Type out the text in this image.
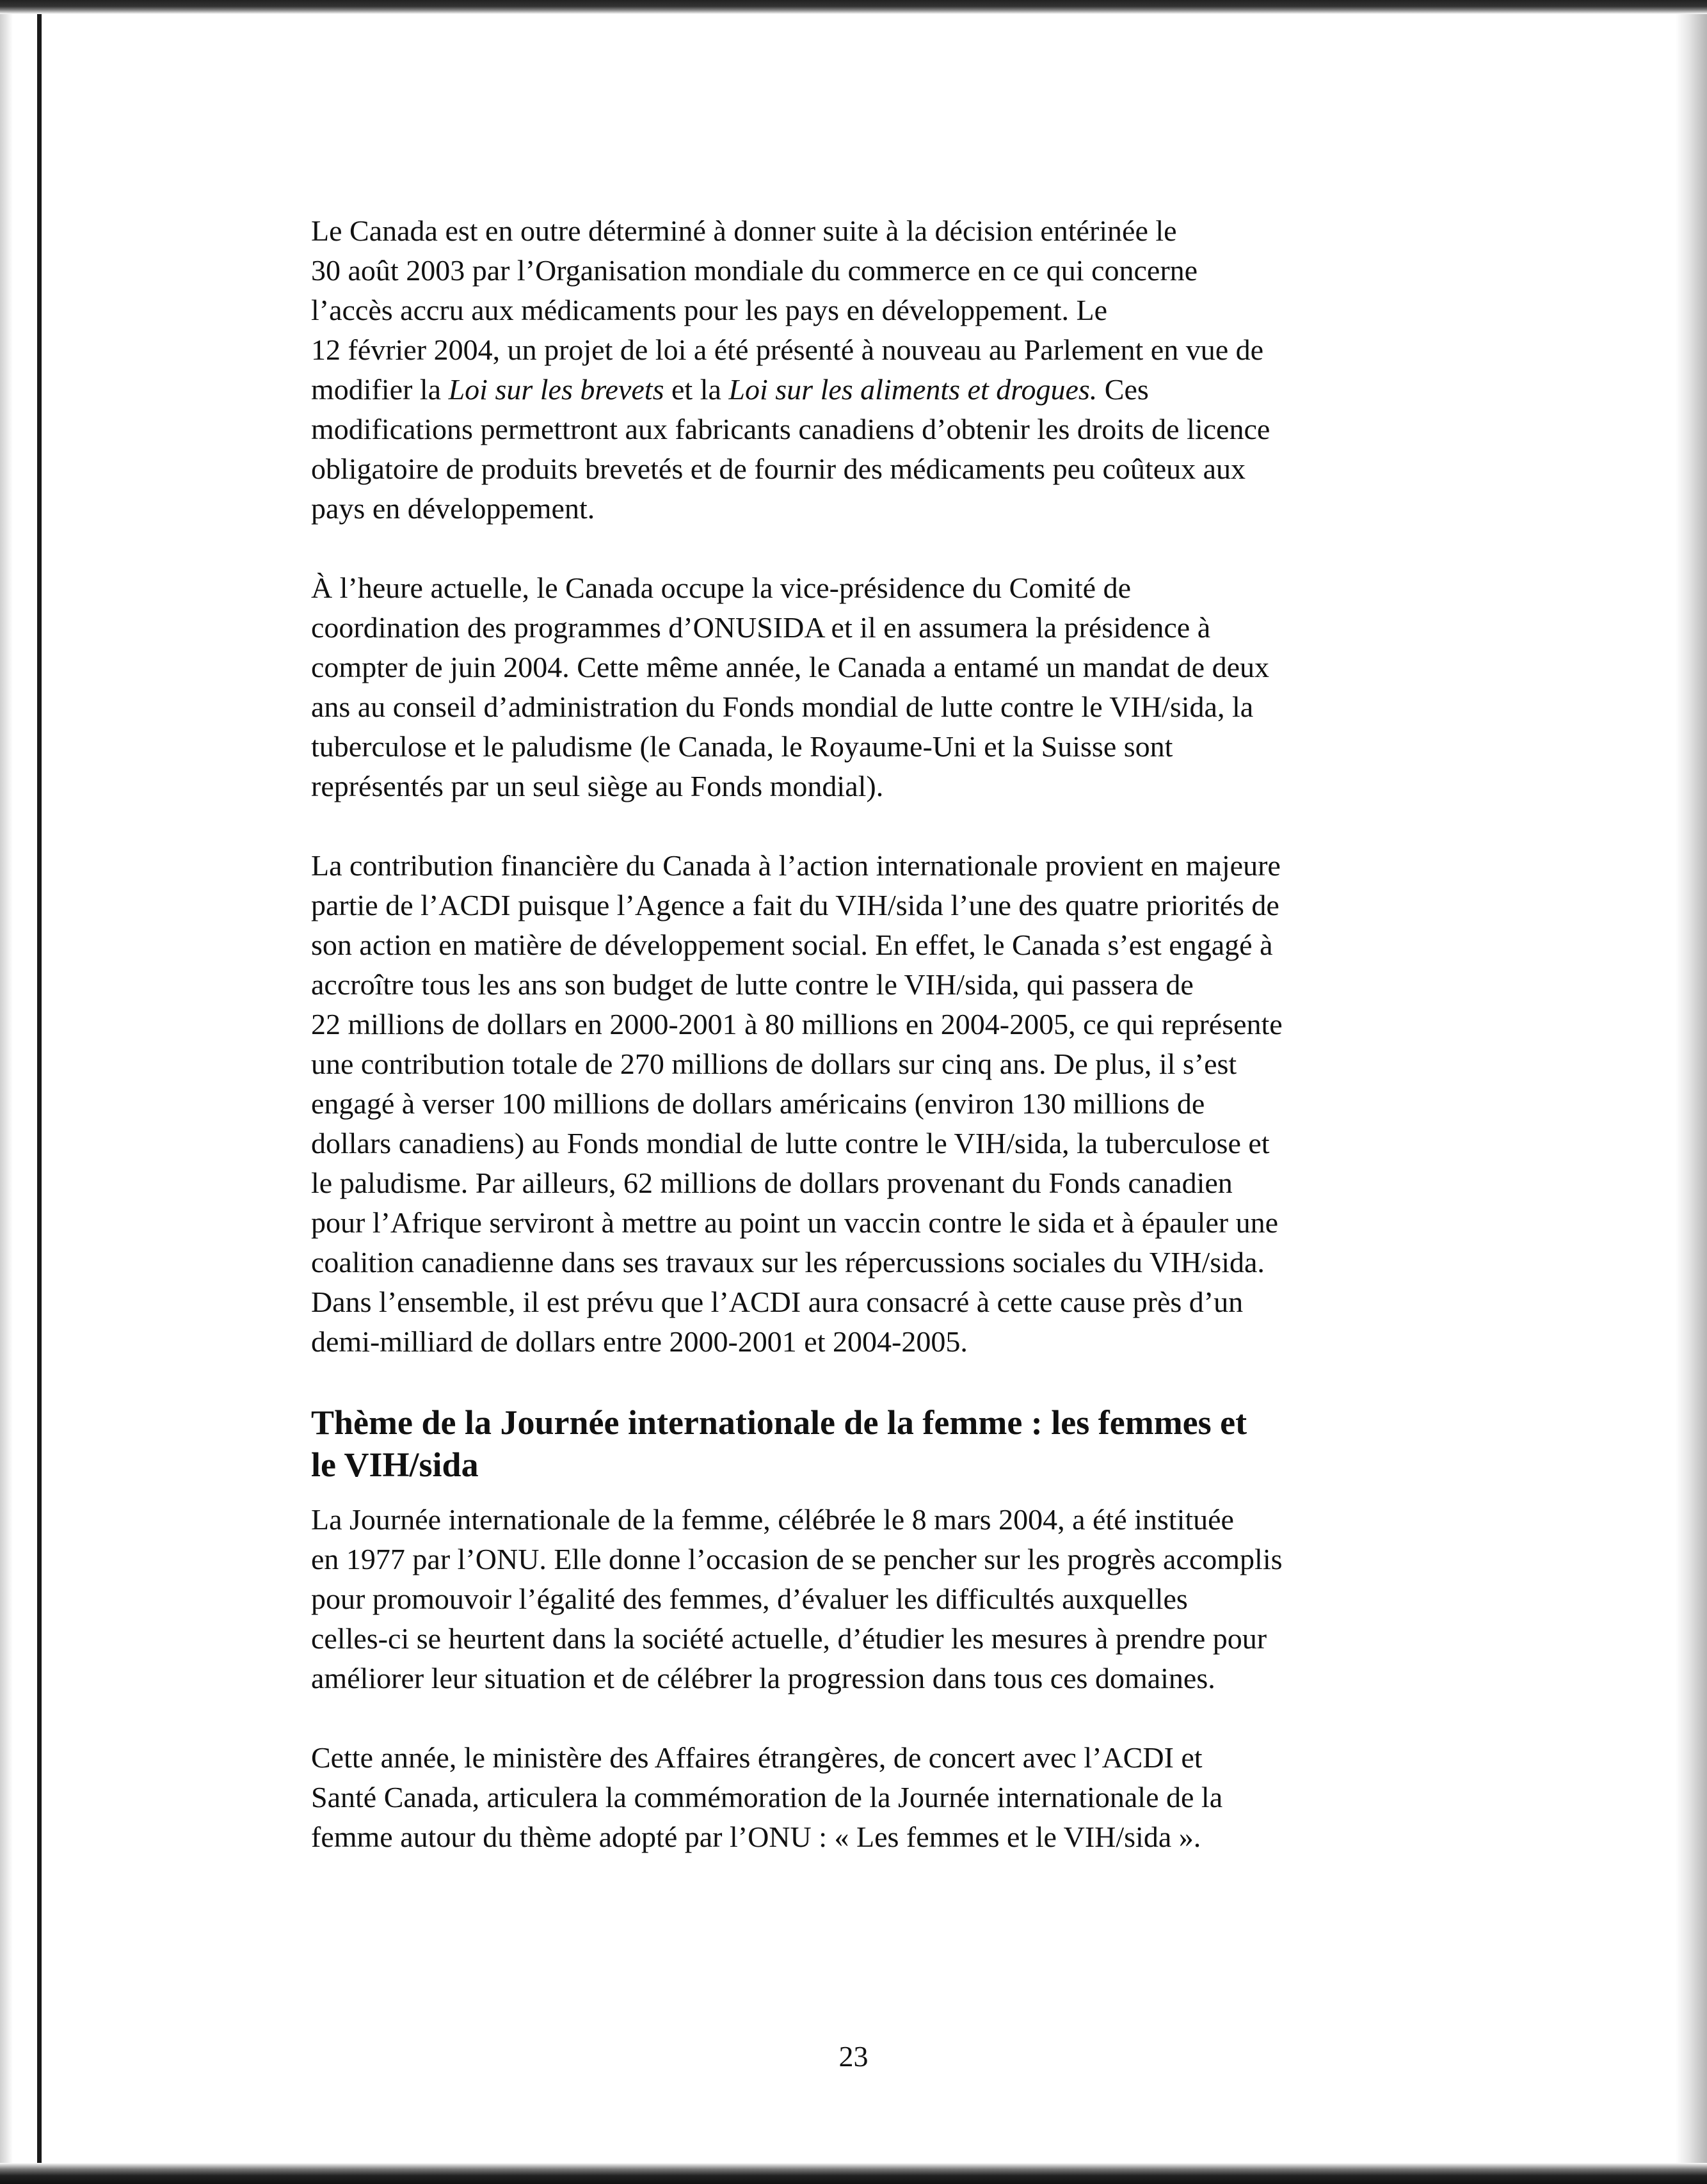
Le Canada est en outre déterminé à donner suite à la décision entérinée le
30 août 2003 par l’Organisation mondiale du commerce en ce qui concerne
l’accès accru aux médicaments pour les pays en développement. Le
12 février 2004, un projet de loi a été présenté à nouveau au Parlement en vue de
modifier la Loi sur les brevets et la Loi sur les aliments et drogues. Ces
modifications permettront aux fabricants canadiens d’obtenir les droits de licence
obligatoire de produits brevetés et de fournir des médicaments peu coûteux aux
pays en développement.

À l’heure actuelle, le Canada occupe la vice-présidence du Comité de
coordination des programmes d’ONUSIDA et il en assumera la présidence à
compter de juin 2004. Cette même année, le Canada a entamé un mandat de deux
ans au conseil d’administration du Fonds mondial de lutte contre le VIH/sida, la
tuberculose et le paludisme (le Canada, le Royaume-Uni et la Suisse sont
représentés par un seul siège au Fonds mondial).

La contribution financière du Canada à l’action internationale provient en majeure
partie de l’ACDI puisque l’Agence a fait du VIH/sida l’une des quatre priorités de
son action en matière de développement social. En effet, le Canada s’est engagé à
accroître tous les ans son budget de lutte contre le VIH/sida, qui passera de
22 millions de dollars en 2000-2001 à 80 millions en 2004-2005, ce qui représente
une contribution totale de 270 millions de dollars sur cinq ans. De plus, il s’est
engagé à verser 100 millions de dollars américains (environ 130 millions de
dollars canadiens) au Fonds mondial de lutte contre le VIH/sida, la tuberculose et
le paludisme. Par ailleurs, 62 millions de dollars provenant du Fonds canadien
pour l’Afrique serviront à mettre au point un vaccin contre le sida et à épauler une
coalition canadienne dans ses travaux sur les répercussions sociales du VIH/sida.
Dans l’ensemble, il est prévu que l’ACDI aura consacré à cette cause près d’un
demi-milliard de dollars entre 2000-2001 et 2004-2005.

Thème de la Journée internationale de la femme : les femmes et
le VIH/sida

La Journée internationale de la femme, célébrée le 8 mars 2004, a été instituée
en 1977 par l’ONU. Elle donne l’occasion de se pencher sur les progrès accomplis
pour promouvoir l’égalité des femmes, d’évaluer les difficultés auxquelles
celles-ci se heurtent dans la société actuelle, d’étudier les mesures à prendre pour
améliorer leur situation et de célébrer la progression dans tous ces domaines.

Cette année, le ministère des Affaires étrangères, de concert avec l’ACDI et
Santé Canada, articulera la commémoration de la Journée internationale de la
femme autour du thème adopté par l’ONU : « Les femmes et le VIH/sida ».

23
